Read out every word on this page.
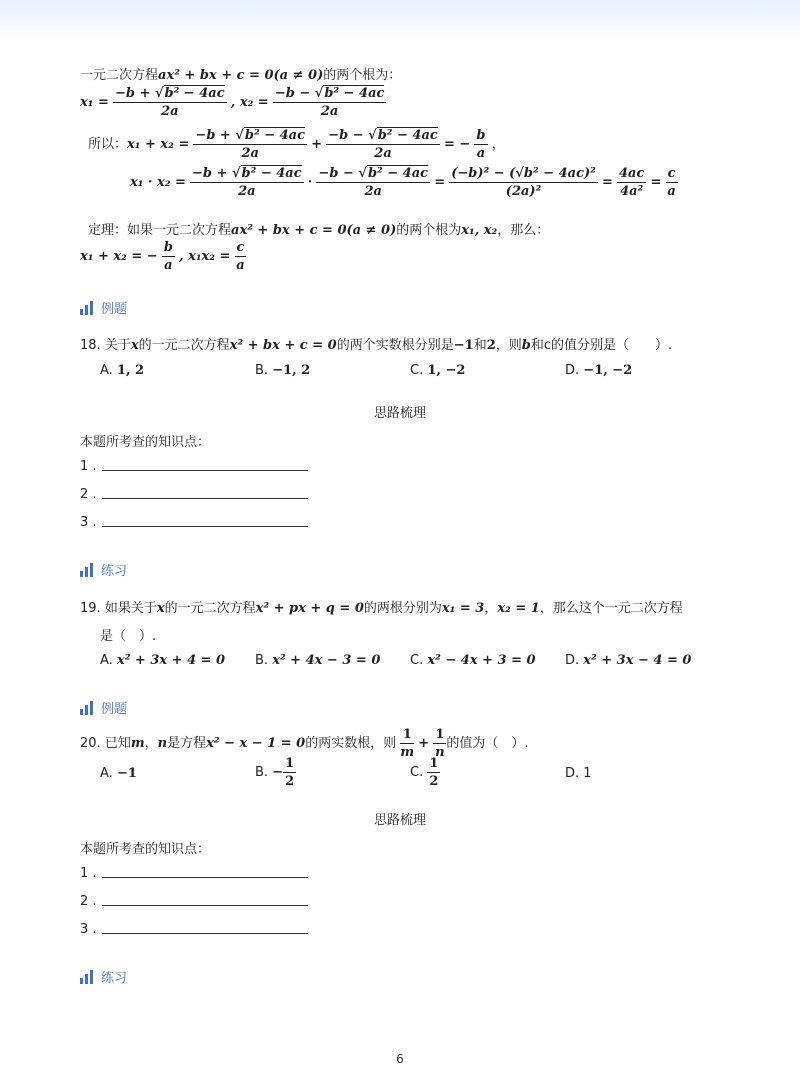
一元二次方程ax² + bx + c = 0(a ≠ 0)的两个根为：
$x_1 = \frac{\text{−b + √b² − 4ac}}{2a}$ , $x_2 = \frac{\text{−b − √b² − 4ac}}{2a}$
所以：$x_1 + x_2 = \frac{\text{−b + √b² − 4ac}}{2a} + \frac{\text{−b − √b² − 4ac}}{2a}$ = − $\frac{b}{a}$ ，
$x_1 \cdot x_2 = \frac{\text{−b + √b² − 4ac}}{2a} \cdot \frac{\text{−b − √b² − 4ac}}{2a} = \frac{\text{(−b)² − (√b² − 4ac)²}}{\text{(2a)²}} = \frac{4ac}{\text{4a²}} = \frac{c}{a}$
定理：如果一元二次方程ax² + bx + c = 0(a ≠ 0)的两个根为x₁, x₂，那么：
x₁ + x₂ = − $\frac{b}{a}$ , $x_1x_2 = \frac{c}{a}$
例题
18. 关于x的一元二次方程x² + bx + c = 0的两个实数根分别是−1和2，则b和c的值分别是（　　）.
A. 1, 2	B. −1, 2	C. 1, −2	D. −1, −2
思路梳理
本题所考查的知识点：
1 .
2 .
3 .
练习
19. 如果关于x的一元二次方程x² + px + q = 0的两根分别为x₁ = 3，x₂ = 1，那么这个一元二次方程
是（　）.
A. x² + 3x + 4 = 0 B. x² + 4x − 3 = 0 C. x² − 4x + 3 = 0 D. x² + 3x − 4 = 0
例题
20. 已知m，n是方程x² − x − 1 = 0的两实数根，则 $\frac{1}{m} + \frac{1}{n}$ 的值为（　）.
A. −1	B. − $\frac{1}{2}$	C. $\frac{1}{2}$	D. 1
思路梳理
本题所考查的知识点：
1 .
2 .
3 .
练习
6
